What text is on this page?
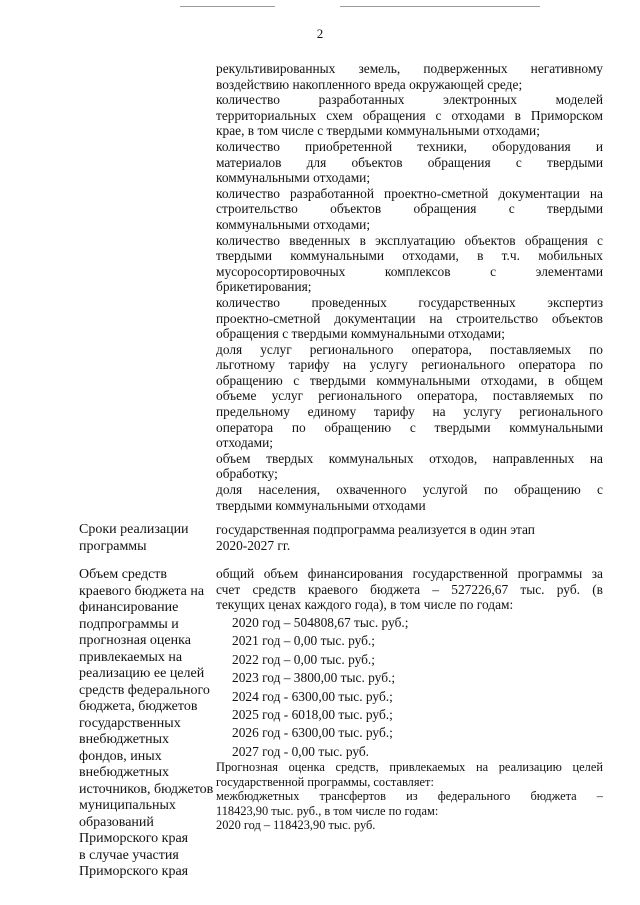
2
рекультивированных земель, подверженных негативному
воздействию накопленного вреда окружающей среде;
количество разработанных электронных моделей
территориальных схем обращения с отходами в Приморском
крае, в том числе с твердыми коммунальными отходами;
количество приобретенной техники, оборудования и
материалов для объектов обращения с твердыми
коммунальными отходами;
количество разработанной проектно-сметной документации на
строительство объектов обращения с твердыми
коммунальными отходами;
количество введенных в эксплуатацию объектов обращения с
твердыми коммунальными отходами, в т.ч. мобильных
мусоросортировочных комплексов с элементами
брикетирования;
количество проведенных государственных экспертиз
проектно-сметной документации на строительство объектов
обращения с твердыми коммунальными отходами;
доля услуг регионального оператора, поставляемых по
льготному тарифу на услугу регионального оператора по
обращению с твердыми коммунальными отходами, в общем
объеме услуг регионального оператора, поставляемых по
предельному единому тарифу на услугу регионального
оператора по обращению с твердыми коммунальными
отходами;
объем твердых коммунальных отходов, направленных на
обработку;
доля населения, охваченного услугой по обращению с
твердыми коммунальными отходами
Сроки реализации
программы
государственная подпрограмма реализуется в один этап
2020-2027 гг.
Объем средств
краевого бюджета на
финансирование
подпрограммы и
прогнозная оценка
привлекаемых на
реализацию ее целей
средств федерального
бюджета, бюджетов
государственных
внебюджетных
фондов, иных
внебюджетных
источников, бюджетов
муниципальных
образований
Приморского края
в случае участия
Приморского края
общий объем финансирования государственной программы за
счет средств краевого бюджета – 527226,67 тыс. руб. (в
текущих ценах каждого года), в том числе по годам:
2020 год – 504808,67 тыс. руб.;
2021 год – 0,00 тыс. руб.;
2022 год – 0,00 тыс. руб.;
2023 год – 3800,00 тыс. руб.;
2024 год - 6300,00 тыс. руб.;
2025 год - 6018,00 тыс. руб.;
2026 год - 6300,00 тыс. руб.;
2027 год - 0,00 тыс. руб.
Прогнозная оценка средств, привлекаемых на реализацию целей
государственной программы, составляет:
межбюджетных трансфертов из федерального бюджета –
118423,90 тыс. руб., в том числе по годам:
2020 год – 118423,90 тыс. руб.
